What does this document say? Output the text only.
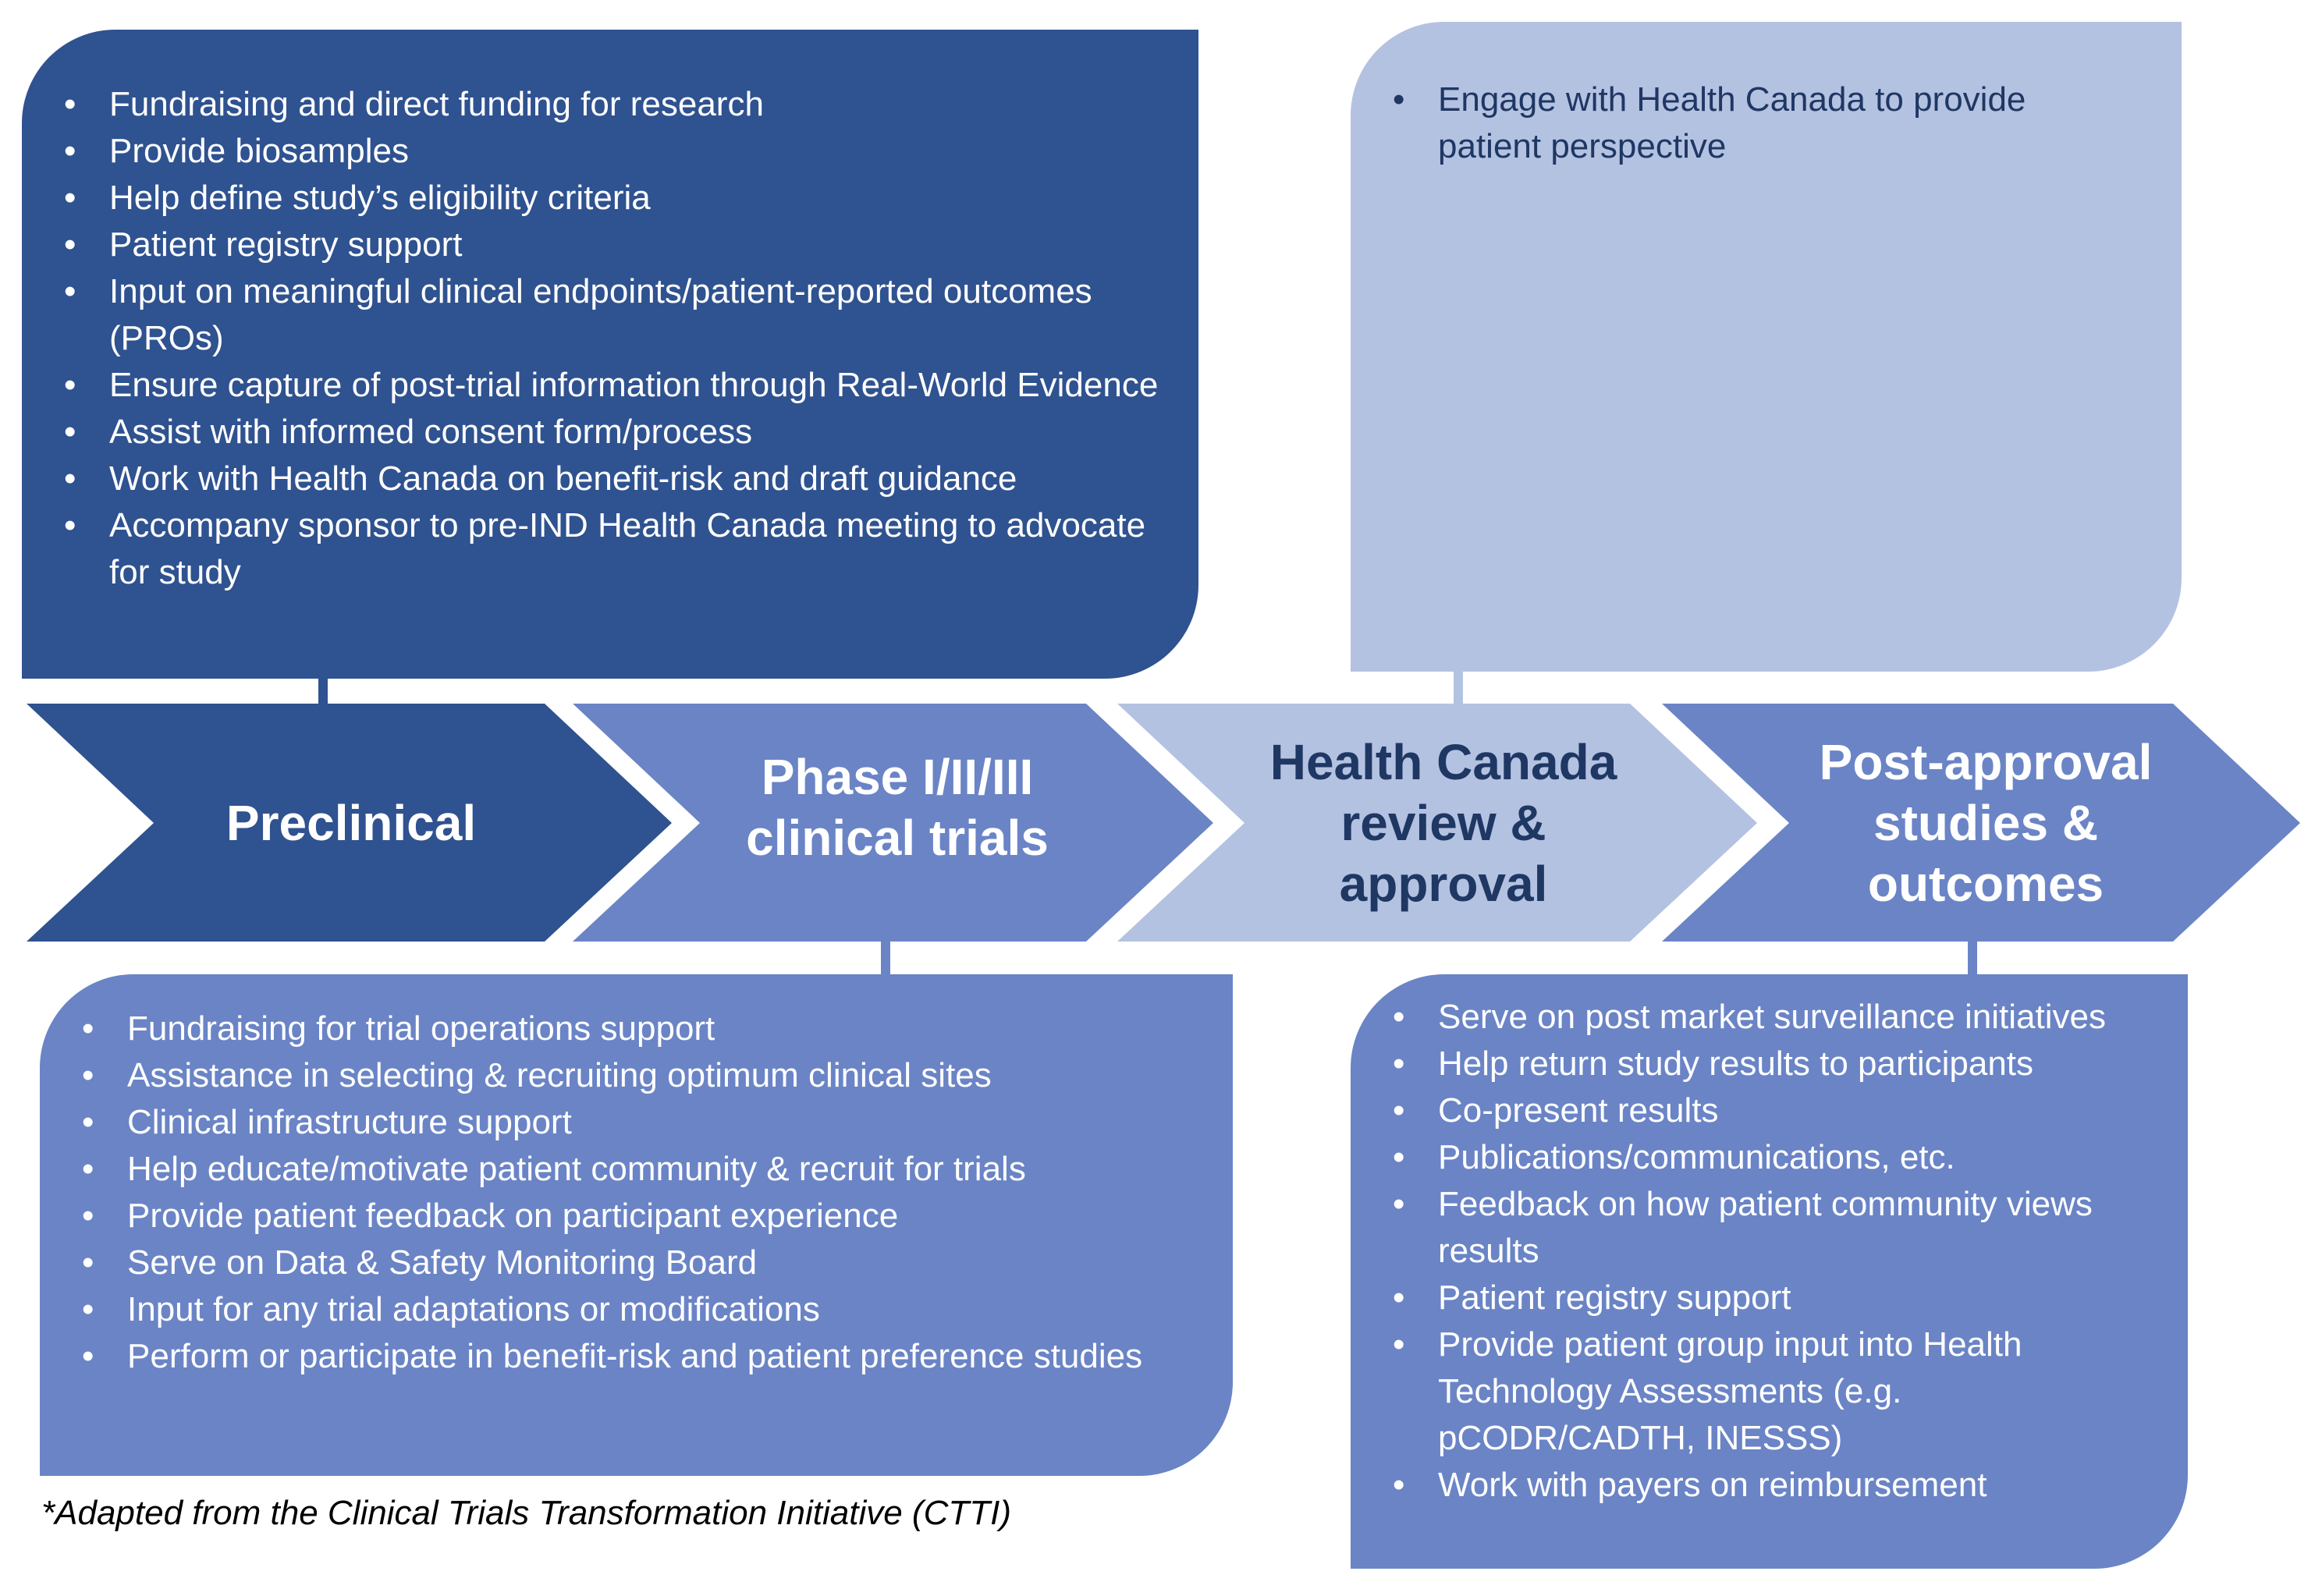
• Fundraising and direct funding for research
• Provide biosamples
• Help define study’s eligibility criteria
• Patient registry support
• Input on meaningful clinical endpoints/patient-reported outcomes (PROs)
• Ensure capture of post-trial information through Real-World Evidence
• Assist with informed consent form/process
• Work with Health Canada on benefit-risk and draft guidance
• Accompany sponsor to pre-IND Health Canada meeting to advocate for study
• Engage with Health Canada to provide patient perspective
Preclinical
Phase I/II/III clinical trials
Health Canada review & approval
Post-approval studies & outcomes
• Fundraising for trial operations support
• Assistance in selecting & recruiting optimum clinical sites
• Clinical infrastructure support
• Help educate/motivate patient community & recruit for trials
• Provide patient feedback on participant experience
• Serve on Data & Safety Monitoring Board
• Input for any trial adaptations or modifications
• Perform or participate in benefit-risk and patient preference studies
• Serve on post market surveillance initiatives
• Help return study results to participants
• Co-present results
• Publications/communications, etc.
• Feedback on how patient community views results
• Patient registry support
• Provide patient group input into Health Technology Assessments (e.g. pCODR/CADTH, INESSS)
• Work with payers on reimbursement
*Adapted from the Clinical Trials Transformation Initiative (CTTI)
